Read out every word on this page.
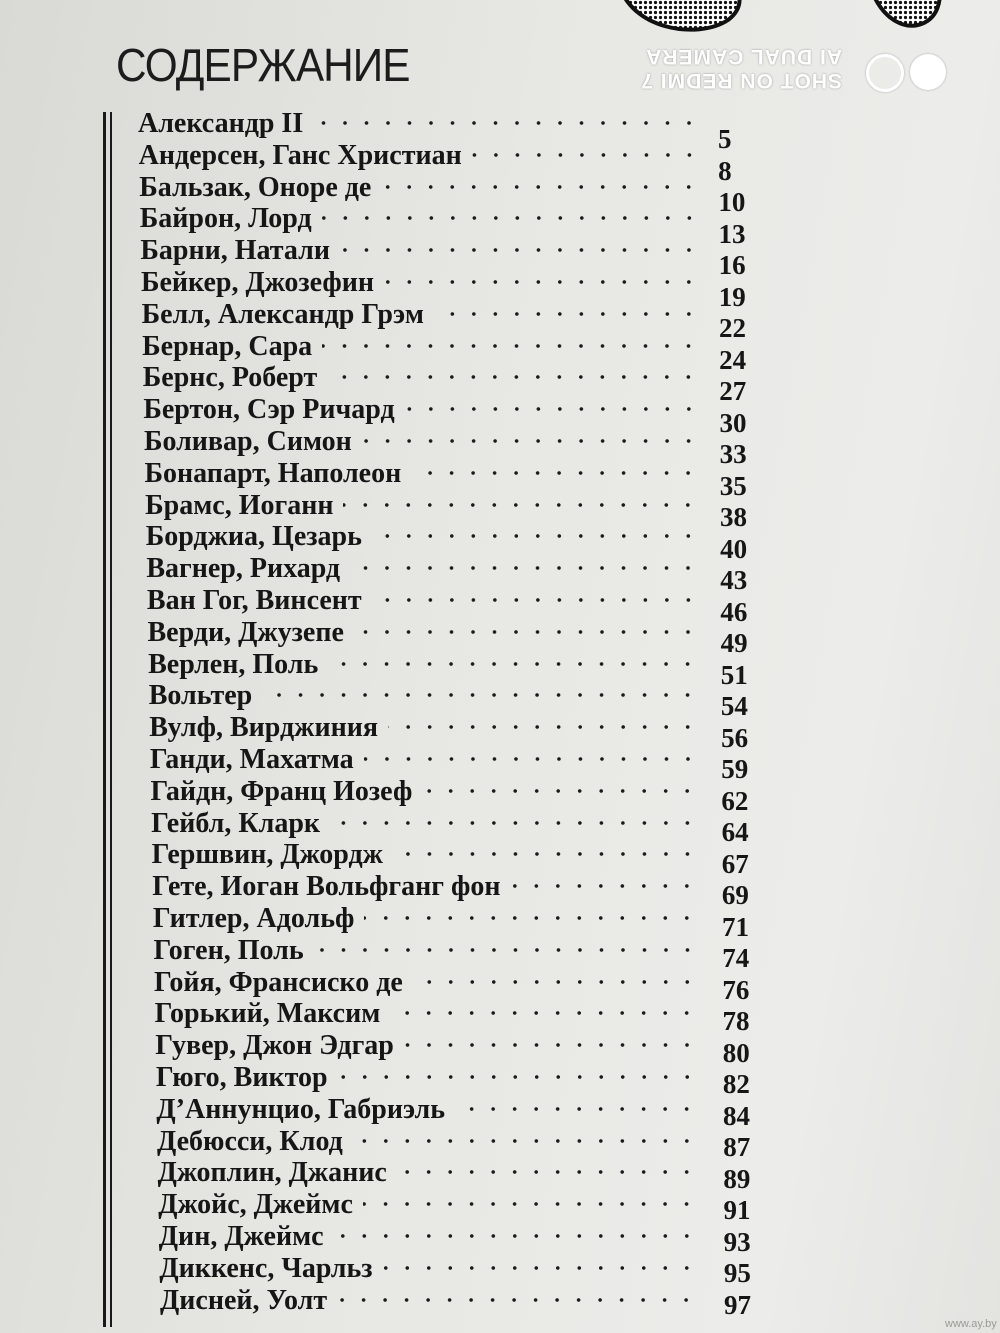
СОДЕРЖАНИЕ
Александр II	5
Андерсен, Ганс Христиан	8
Бальзак, Оноре де	10
Байрон, Лорд	13
Барни, Натали	16
Бейкер, Джозефин	19
Белл, Александр Грэм	22
Бернар, Сара	24
Бернс, Роберт	27
Бертон, Сэр Ричард	30
Боливар, Симон	33
Бонапарт, Наполеон	35
Брамс, Иоганн	38
Борджиа, Цезарь	40
Вагнер, Рихард	43
Ван Гог, Винсент	46
Верди, Джузепе	49
Верлен, Поль	51
Вольтер	54
Вулф, Вирджиния	56
Ганди, Махатма	59
Гайдн, Франц Иозеф	62
Гейбл, Кларк	64
Гершвин, Джордж	67
Гете, Иоган Вольфганг фон	69
Гитлер, Адольф	71
Гоген, Поль	74
Гойя, Франсиско де	76
Горький, Максим	78
Гувер, Джон Эдгар	80
Гюго, Виктор	82
Д’Аннунцио, Габриэль	84
Дебюсси, Клод	87
Джоплин, Джанис	89
Джойс, Джеймс	91
Дин, Джеймс	93
Диккенс, Чарльз	95
Дисней, Уолт	97
SHOT ON REDMI 7
AI DUAL CAMERA
www.ay.by
